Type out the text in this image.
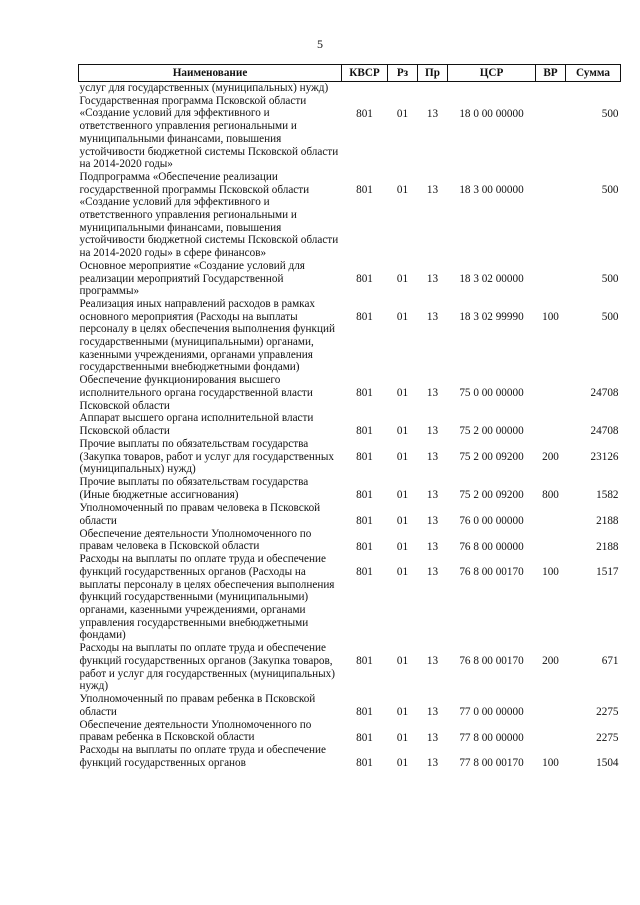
5
Наименование	КВСР	Рз	Пр	ЦСР	ВР	Сумма
услуг для государственных (муниципальных) нужд)						
Государственная программа Псковской области «Создание условий для эффективного и ответственного управления региональными и муниципальными финансами, повышения устойчивости бюджетной системы Псковской области на 2014-2020 годы»	801	01	13	18 0 00 00000		500
Подпрограмма «Обеспечение реализации государственной программы Псковской области «Создание условий для эффективного и ответственного управления региональными и муниципальными финансами, повышения устойчивости бюджетной системы Псковской области на 2014-2020 годы» в сфере финансов»	801	01	13	18 3 00 00000		500
Основное мероприятие «Создание условий для реализации мероприятий Государственной программы»	801	01	13	18 3 02 00000		500
Реализация иных направлений расходов в рамках основного мероприятия (Расходы на выплаты персоналу в целях обеспечения выполнения функций государственными (муниципальными) органами, казенными учреждениями, органами управления государственными внебюджетными фондами)	801	01	13	18 3 02 99990	100	500
Обеспечение функционирования высшего исполнительного органа государственной власти Псковской области	801	01	13	75 0 00 00000		24708
Аппарат высшего органа исполнительной власти Псковской области	801	01	13	75 2 00 00000		24708
Прочие выплаты по обязательствам государства (Закупка товаров, работ и услуг для государственных (муниципальных) нужд)	801	01	13	75 2 00 09200	200	23126
Прочие выплаты по обязательствам государства (Иные бюджетные ассигнования)	801	01	13	75 2 00 09200	800	1582
Уполномоченный по правам человека в Псковской области	801	01	13	76 0 00 00000		2188
Обеспечение деятельности Уполномоченного по правам человека в Псковской области	801	01	13	76 8 00 00000		2188
Расходы на выплаты по оплате труда и обеспечение функций государственных органов (Расходы на выплаты персоналу в целях обеспечения выполнения функций государственными (муниципальными) органами, казенными учреждениями, органами управления государственными внебюджетными фондами)	801	01	13	76 8 00 00170	100	1517
Расходы на выплаты по оплате труда и обеспечение функций государственных органов (Закупка товаров, работ и услуг для государственных (муниципальных) нужд)	801	01	13	76 8 00 00170	200	671
Уполномоченный по правам ребенка в Псковской области	801	01	13	77 0 00 00000		2275
Обеспечение деятельности Уполномоченного по правам ребенка в Псковской области	801	01	13	77 8 00 00000		2275
Расходы на выплаты по оплате труда и обеспечение функций государственных органов	801	01	13	77 8 00 00170	100	1504
